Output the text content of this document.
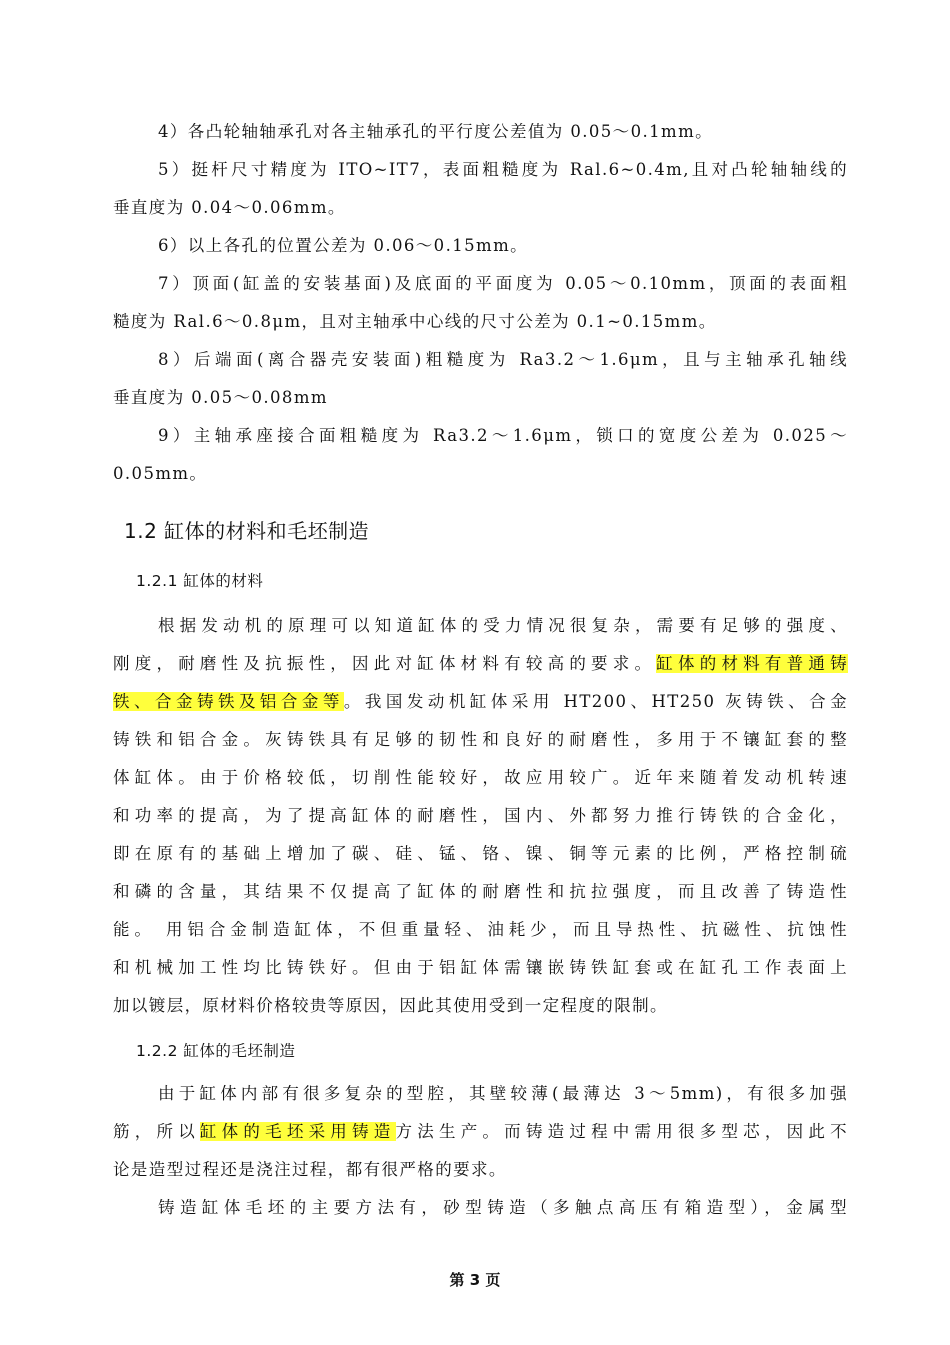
4）各凸轮轴轴承孔对各主轴承孔的平行度公差值为 0.05～0.1mm。
5）挺杆尺寸精度为 ITO~IT7，表面粗糙度为 Ral.6~0.4m,且对凸轮轴轴线的
垂直度为 0.04～0.06mm。
6）以上各孔的位置公差为 0.06～0.15mm。
7）顶面(缸盖的安装基面)及底面的平面度为 0.05～0.10mm，顶面的表面粗
糙度为 Ral.6～0.8μm，且对主轴承中心线的尺寸公差为 0.1~0.15mm。
8）后端面(离合器壳安装面)粗糙度为 Ra3.2～1.6μm，且与主轴承孔轴线
垂直度为 0.05～0.08mm
9）主轴承座接合面粗糙度为 Ra3.2～1.6μm，锁口的宽度公差为 0.025～
0.05mm。
1.2 缸体的材料和毛坯制造
1.2.1 缸体的材料
根据发动机的原理可以知道缸体的受力情况很复杂，需要有足够的强度、
刚度，耐磨性及抗振性，因此对缸体材料有较高的要求。缸体的材料有普通铸
铁、合金铸铁及铝合金等。我国发动机缸体采用 HT200、HT250 灰铸铁、合金
铸铁和铝合金。灰铸铁具有足够的韧性和良好的耐磨性，多用于不镶缸套的整
体缸体。由于价格较低，切削性能较好，故应用较广。近年来随着发动机转速
和功率的提高，为了提高缸体的耐磨性，国内、外都努力推行铸铁的合金化，
即在原有的基础上增加了碳、硅、锰、铬、镍、铜等元素的比例，严格控制硫
和磷的含量，其结果不仅提高了缸体的耐磨性和抗拉强度，而且改善了铸造性
能。 用铝合金制造缸体，不但重量轻、油耗少，而且导热性、抗磁性、抗蚀性
和机械加工性均比铸铁好。但由于铝缸体需镶嵌铸铁缸套或在缸孔工作表面上
加以镀层，原材料价格较贵等原因，因此其使用受到一定程度的限制。
1.2.2 缸体的毛坯制造
由于缸体内部有很多复杂的型腔，其壁较薄(最薄达 3～5mm)，有很多加强
筋，所以缸体的毛坯采用铸造方法生产。而铸造过程中需用很多型芯，因此不
论是造型过程还是浇注过程，都有很严格的要求。
铸造缸体毛坯的主要方法有，砂型铸造（多触点高压有箱造型），金属型
第 3 页
